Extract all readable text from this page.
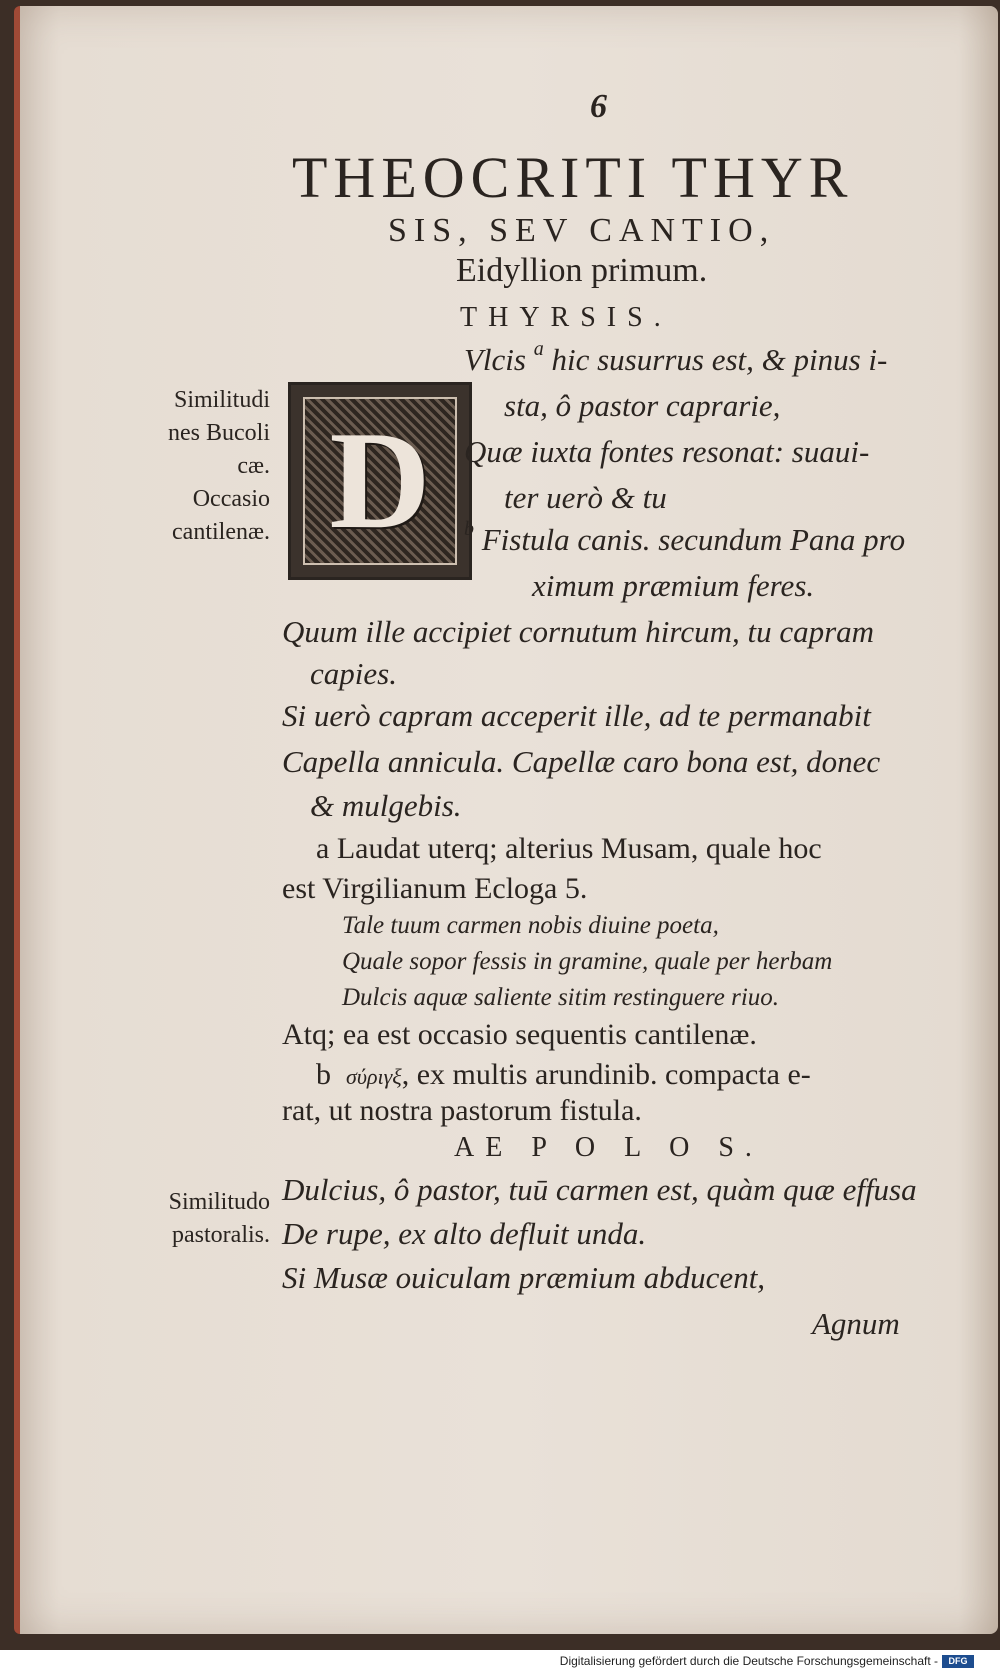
6
THEOCRITI THYR
SIS, SEV CANTIO,
Eidyllion primum.
THYRSIS.
Similitudi
nes Bucoli
cæ.
Occasio
cantilenæ. D
Vlcis $^a$ hic susurrus est, & pinus i-
sta, ô pastor caprarie,
Quæ iuxta fontes resonat: suaui-
ter uerò & tu
$^b$ Fistula canis. secundum Pana pro
ximum præmium feres.
Quum ille accipiet cornutum hircum, tu capram
capies.
Si uerò capram acceperit ille, ad te permanabit
Capella annicula. Capellæ caro bona est, donec
& mulgebis.
a Laudat uterq; alterius Musam, quale hoc
est Virgilianum Ecloga 5.
Tale tuum carmen nobis diuine poeta,
Quale sopor fessis in gramine, quale per herbam
Dulcis aquæ saliente sitim restinguere riuo.
Atq; ea est occasio sequentis cantilenæ.
b σύριγξ, ex multis arundinib. compacta e-
rat, ut nostra pastorum fistula.
AE P O L O S.
Similitudo
pastoralis.
Dulcius, ô pastor, tuū carmen est, quàm quæ effusa
De rupe, ex alto defluit unda.
Si Musæ ouiculam præmium abducent,
Agnum
Digitalisierung gefördert durch die Deutsche Forschungsgemeinschaft -	DFG
